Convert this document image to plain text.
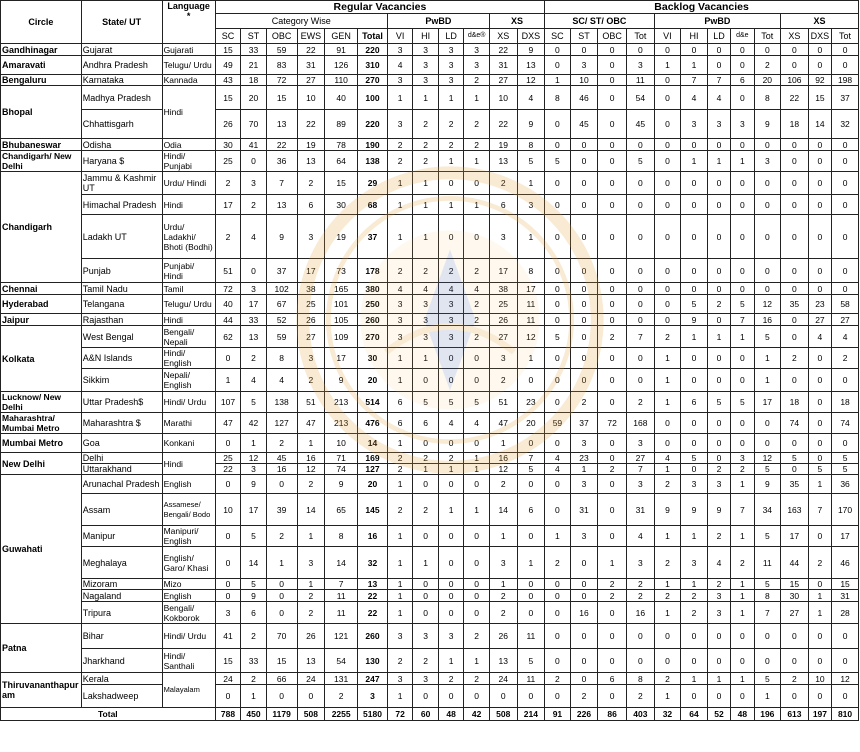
Circle	State/ UT	Language
*	Regular Vacancies												Backlog Vacancies											
			Category Wise						PwBD				XS		SC/ ST/ OBC				PwBD					XS		
			SC	ST	OBC	EWS	GEN	Total	VI	HI	LD	d&e®	XS	DXS	SC	ST	OBC	Tot	VI	HI	LD	d&e	Tot	XS	DXS	Tot
Gandhinagar	Gujarat	Gujarati	15	33	59	22	91	220	3	3	3	3	22	9	0	0	0	0	0	0	0	0	0	0	0	0
Amaravati	Andhra Pradesh	Telugu/ Urdu	49	21	83	31	126	310	4	3	3	3	31	13	0	3	0	3	1	1	0	0	2	0	0	0
Bengaluru	Karnataka	Kannada	43	18	72	27	110	270	3	3	3	2	27	12	1	10	0	11	0	7	7	6	20	106	92	198
Bhopal	Madhya Pradesh	Hindi	15	20	15	10	40	100	1	1	1	1	10	4	8	46	0	54	0	4	4	0	8	22	15	37
	Chhattisgarh		26	70	13	22	89	220	3	2	2	2	22	9	0	45	0	45	0	3	3	3	9	18	14	32
Bhubaneswar	Odisha	Odia	30	41	22	19	78	190	2	2	2	2	19	8	0	0	0	0	0	0	0	0	0	0	0	0
Chandigarh/ New Delhi	Haryana $	Hindi/ Punjabi	25	0	36	13	64	138	2	2	1	1	13	5	5	0	0	5	0	1	1	1	3	0	0	0
Chandigarh	Jammu & Kashmir UT	Urdu/ Hindi	2	3	7	2	15	29	1	1	0	0	2	1	0	0	0	0	0	0	0	0	0	0	0	0
	Himachal Pradesh	Hindi	17	2	13	6	30	68	1	1	1	1	6	3	0	0	0	0	0	0	0	0	0	0	0	0
	Ladakh UT	Urdu/ Ladakhi/ Bhoti (Bodhi)	2	4	9	3	19	37	1	1	0	0	3	1	0	0	0	0	0	0	0	0	0	0	0	0
	Punjab	Punjabi/ Hindi	51	0	37	17	73	178	2	2	2	2	17	8	0	0	0	0	0	0	0	0	0	0	0	0
Chennai	Tamil Nadu	Tamil	72	3	102	38	165	380	4	4	4	4	38	17	0	0	0	0	0	0	0	0	0	0	0	0
Hyderabad	Telangana	Telugu/ Urdu	40	17	67	25	101	250	3	3	3	2	25	11	0	0	0	0	0	5	2	5	12	35	23	58
Jaipur	Rajasthan	Hindi	44	33	52	26	105	260	3	3	3	2	26	11	0	0	0	0	0	9	0	7	16	0	27	27
Kolkata	West Bengal	Bengali/ Nepali	62	13	59	27	109	270	3	3	3	2	27	12	5	0	2	7	2	1	1	1	5	0	4	4
	A&N Islands	Hindi/ English	0	2	8	3	17	30	1	1	0	0	3	1	0	0	0	0	1	0	0	0	1	2	0	2
	Sikkim	Nepali/ English	1	4	4	2	9	20	1	0	0	0	2	0	0	0	0	0	1	0	0	0	1	0	0	0
Lucknow/ New Delhi	Uttar Pradesh$	Hindi/ Urdu	107	5	138	51	213	514	6	5	5	5	51	23	0	2	0	2	1	6	5	5	17	18	0	18
Maharashtra/ Mumbai Metro	Maharashtra $	Marathi	47	42	127	47	213	476	6	6	4	4	47	20	59	37	72	168	0	0	0	0	0	74	0	74
Mumbai Metro	Goa	Konkani	0	1	2	1	10	14	1	0	0	0	1	0	0	3	0	3	0	0	0	0	0	0	0	0
New Delhi	Delhi	Hindi	25	12	45	16	71	169	2	2	2	1	16	7	4	23	0	27	4	5	0	3	12	5	0	5
	Uttarakhand		22	3	16	12	74	127	2	1	1	1	12	5	4	1	2	7	1	0	2	2	5	0	5	5
Guwahati	Arunachal Pradesh	English	0	9	0	2	9	20	1	0	0	0	2	0	0	3	0	3	2	3	3	1	9	35	1	36
	Assam	Assamese/ Bengali/ Bodo	10	17	39	14	65	145	2	2	1	1	14	6	0	31	0	31	9	9	9	7	34	163	7	170
	Manipur	Manipuri/ English	0	5	2	1	8	16	1	0	0	0	1	0	1	3	0	4	1	1	2	1	5	17	0	17
	Meghalaya	English/ Garo/ Khasi	0	14	1	3	14	32	1	1	0	0	3	1	2	0	1	3	2	3	4	2	11	44	2	46
	Mizoram	Mizo	0	5	0	1	7	13	1	0	0	0	1	0	0	0	2	2	1	1	2	1	5	15	0	15
	Nagaland	English	0	9	0	2	11	22	1	0	0	0	2	0	0	0	2	2	2	2	3	1	8	30	1	31
	Tripura	Bengali/ Kokborok	3	6	0	2	11	22	1	0	0	0	2	0	0	16	0	16	1	2	3	1	7	27	1	28
Patna	Bihar	Hindi/ Urdu	41	2	70	26	121	260	3	3	3	2	26	11	0	0	0	0	0	0	0	0	0	0	0	0
	Jharkhand	Hindi/ Santhali	15	33	15	13	54	130	2	2	1	1	13	5	0	0	0	0	0	0	0	0	0	0	0	0
Thiruvananthapuram	Kerala	Malayalam	24	2	66	24	131	247	3	3	2	2	24	11	2	0	6	8	2	1	1	1	5	2	10	12
	Lakshadweep		0	1	0	0	2	3	1	0	0	0	0	0	0	2	0	2	1	0	0	0	1	0	0	0
Total			788	450	1179	508	2255	5180	72	60	48	42	508	214	91	226	86	403	32	64	52	48	196	613	197	810
